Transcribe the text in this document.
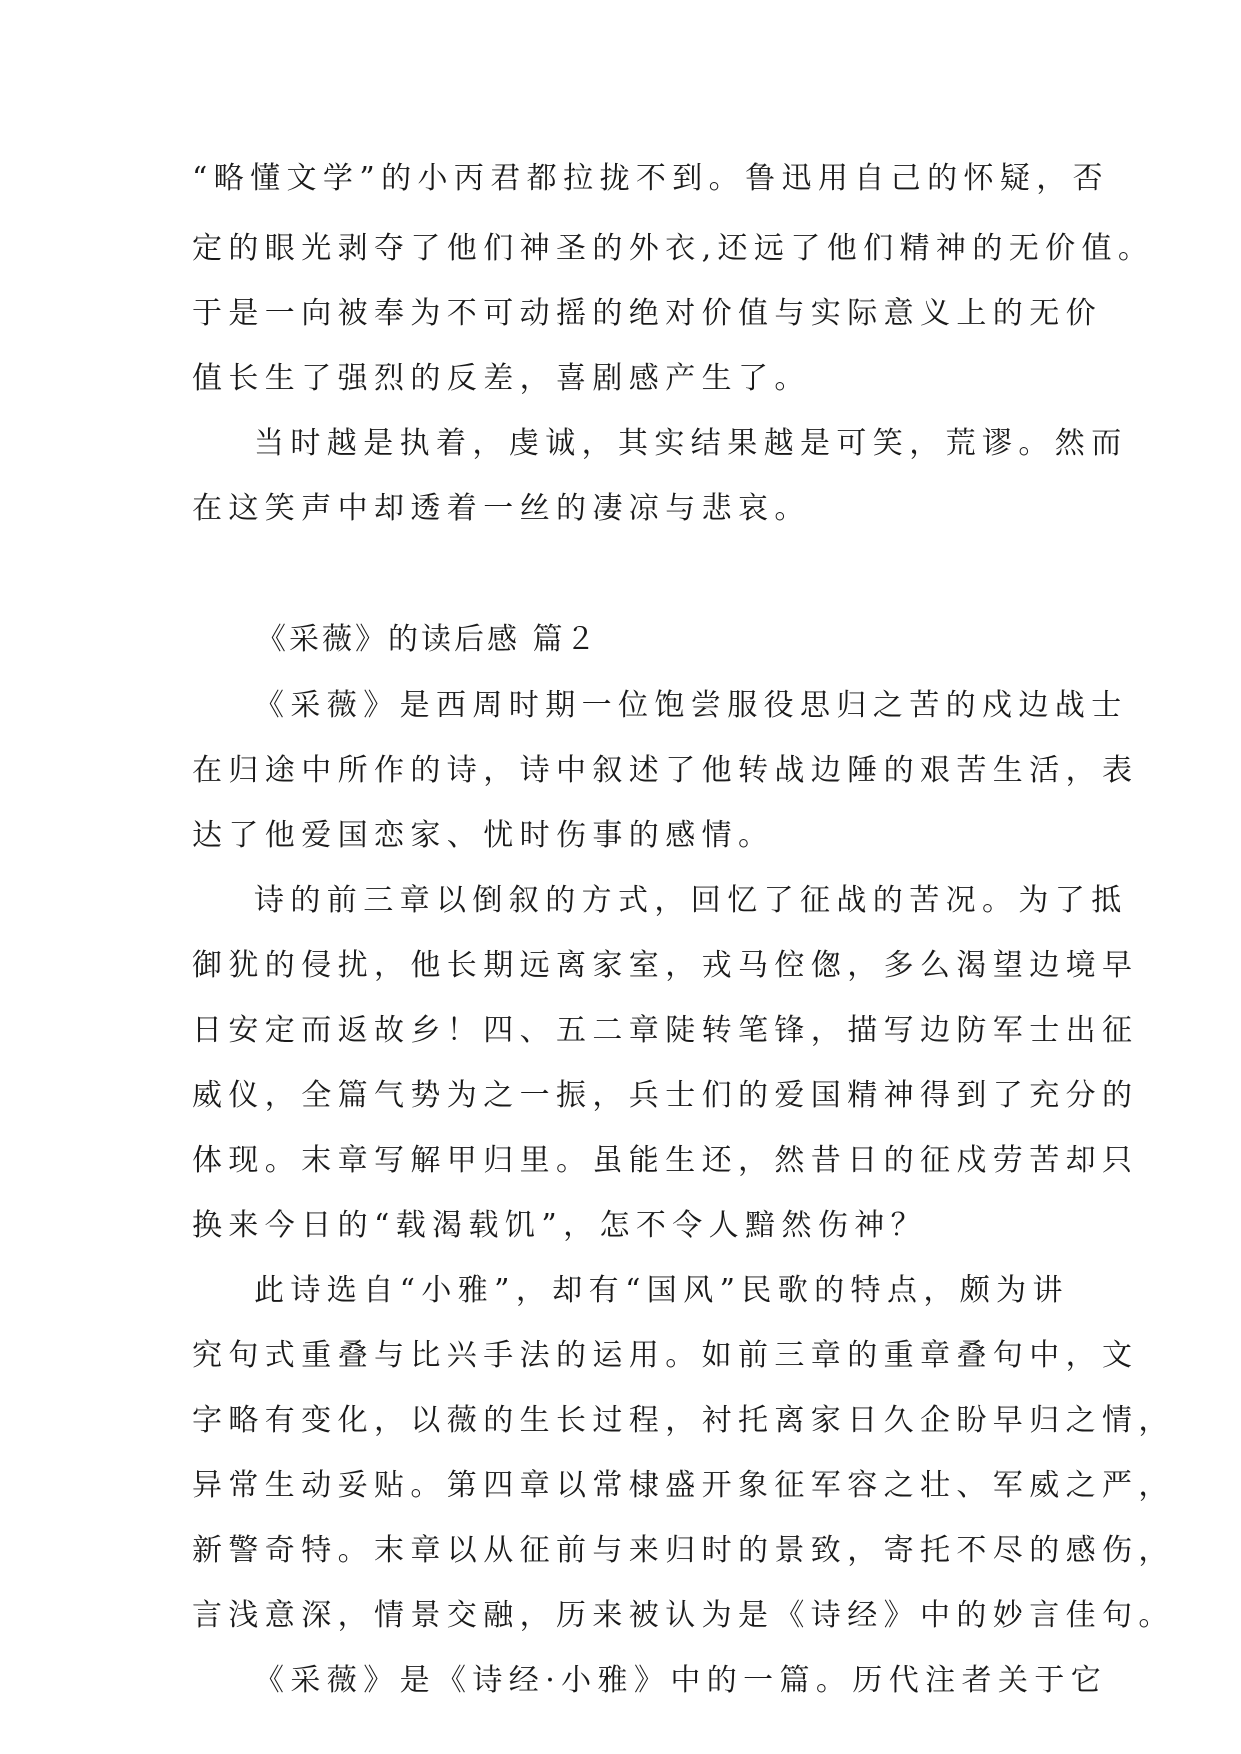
“略懂文学”的小丙君都拉拢不到。鲁迅用自己的怀疑，否
定的眼光剥夺了他们神圣的外衣,还远了他们精神的无价值。
于是一向被奉为不可动摇的绝对价值与实际意义上的无价
值长生了强烈的反差，喜剧感产生了。
当时越是执着，虔诚，其实结果越是可笑，荒谬。然而
在这笑声中却透着一丝的凄凉与悲哀。
《采薇》的读后感 篇２
《采薇》是西周时期一位饱尝服役思归之苦的戍边战士
在归途中所作的诗，诗中叙述了他转战边陲的艰苦生活，表
达了他爱国恋家、忧时伤事的感情。
诗的前三章以倒叙的方式，回忆了征战的苦况。为了抵
御犹的侵扰，他长期远离家室，戎马倥偬，多么渴望边境早
日安定而返故乡！四、五二章陡转笔锋，描写边防军士出征
威仪，全篇气势为之一振，兵士们的爱国精神得到了充分的
体现。末章写解甲归里。虽能生还，然昔日的征戍劳苦却只
换来今日的“载渴载饥”，怎不令人黯然伤神？
此诗选自“小雅”，却有“国风”民歌的特点，颇为讲
究句式重叠与比兴手法的运用。如前三章的重章叠句中，文
字略有变化，以薇的生长过程，衬托离家日久企盼早归之情，
异常生动妥贴。第四章以常棣盛开象征军容之壮、军威之严，
新警奇特。末章以从征前与来归时的景致，寄托不尽的感伤，
言浅意深，情景交融，历来被认为是《诗经》中的妙言佳句。
《采薇》是《诗经·小雅》中的一篇。历代注者关于它
